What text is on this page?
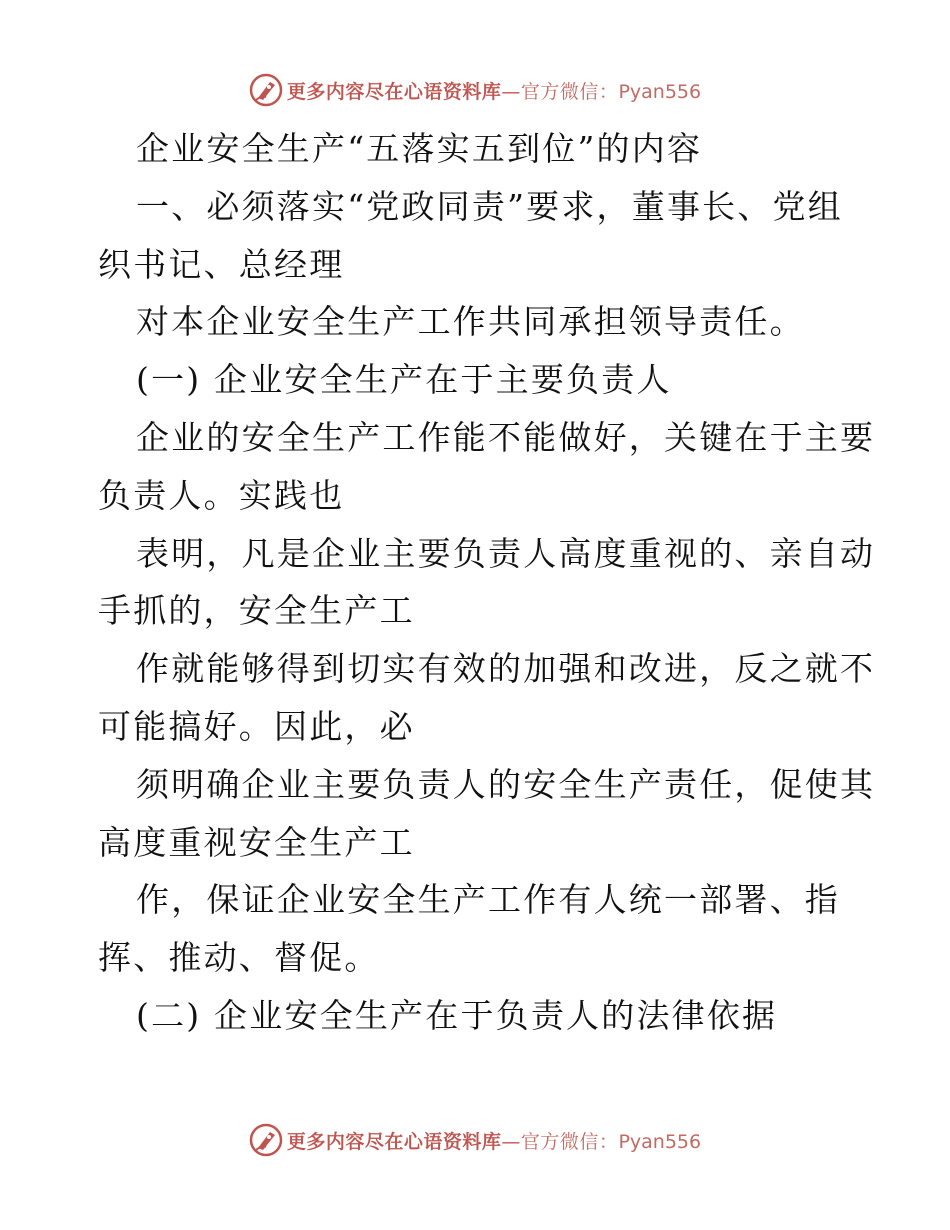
更多内容尽在心语资料库—官方微信：Pyan556
企业安全生产“五落实五到位”的内容
一、必须落实“党政同责”要求，董事长、党组
织书记、总经理
对本企业安全生产工作共同承担领导责任。
(一) 企业安全生产在于主要负责人
企业的安全生产工作能不能做好，关键在于主要
负责人。实践也
表明，凡是企业主要负责人高度重视的、亲自动
手抓的，安全生产工
作就能够得到切实有效的加强和改进，反之就不
可能搞好。因此，必
须明确企业主要负责人的安全生产责任，促使其
高度重视安全生产工
作，保证企业安全生产工作有人统一部署、指
挥、推动、督促。
(二) 企业安全生产在于负责人的法律依据
更多内容尽在心语资料库—官方微信：Pyan556
